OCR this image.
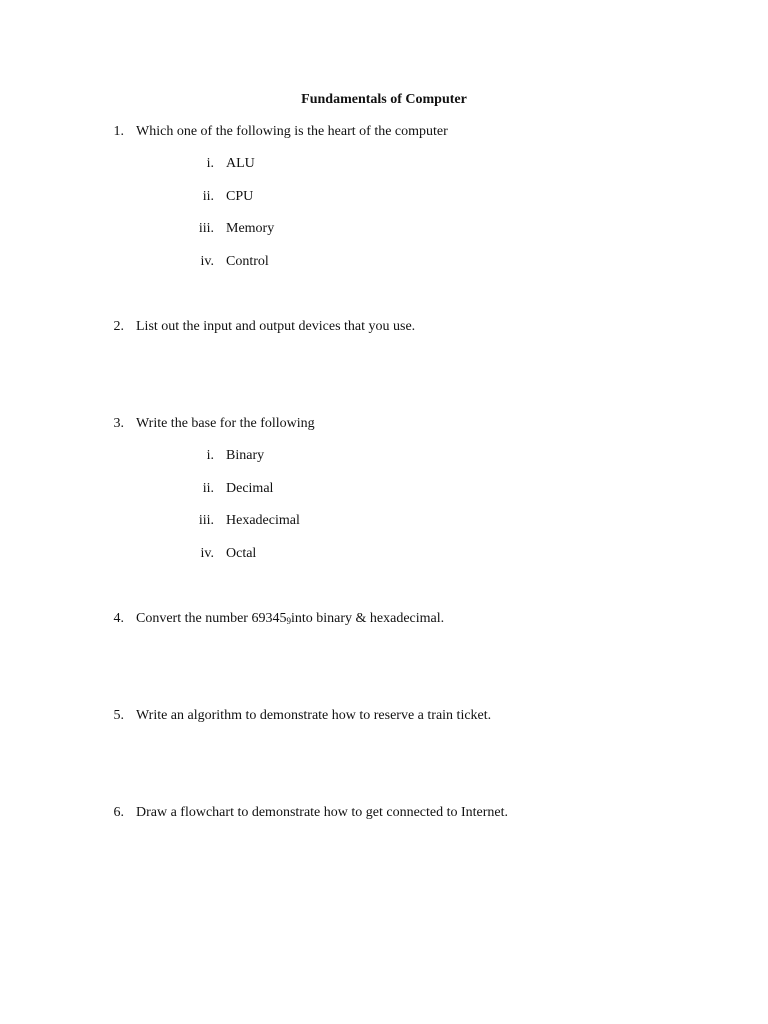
Fundamentals of Computer
1. Which one of the following is the heart of the computer
i. ALU
ii. CPU
iii. Memory
iv. Control
2. List out the input and output devices that you use.
3. Write the base for the following
i. Binary
ii. Decimal
iii. Hexadecimal
iv. Octal
4. Convert the number $69345_9into$ binary & hexadecimal.
5. Write an algorithm to demonstrate how to reserve a train ticket.
6. Draw a flowchart to demonstrate how to get connected to Internet.
